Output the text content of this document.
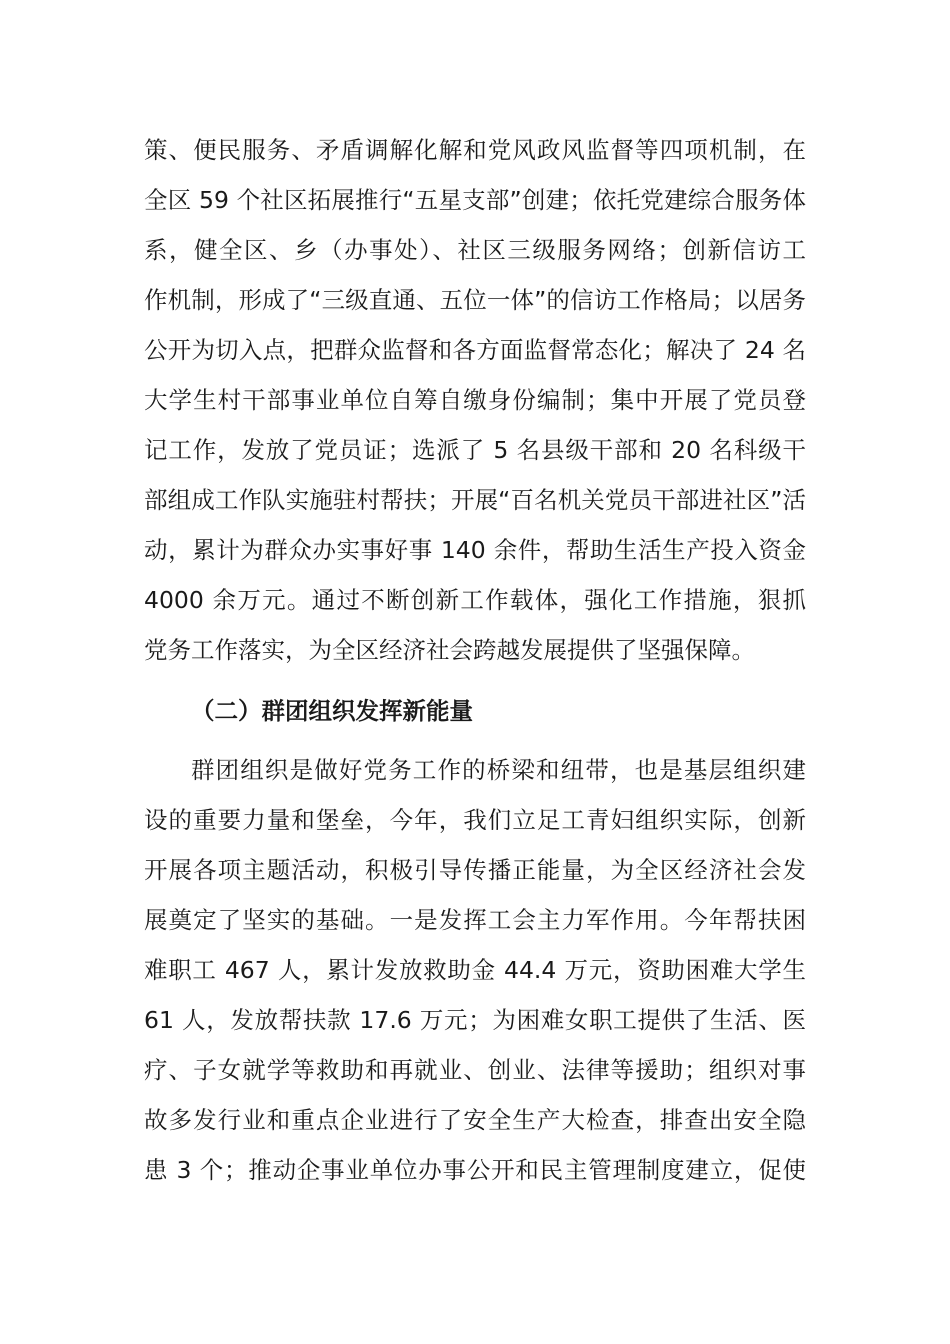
策、便民服务、矛盾调解化解和党风政风监督等四项机制，在
全区 59 个社区拓展推行“五星支部”创建；依托党建综合服务体
系，健全区、乡（办事处）、社区三级服务网络；创新信访工
作机制，形成了“三级直通、五位一体”的信访工作格局；以居务
公开为切入点，把群众监督和各方面监督常态化；解决了 24 名
大学生村干部事业单位自筹自缴身份编制；集中开展了党员登
记工作，发放了党员证；选派了 5 名县级干部和 20 名科级干
部组成工作队实施驻村帮扶；开展“百名机关党员干部进社区”活
动，累计为群众办实事好事 140 余件，帮助生活生产投入资金
4000 余万元。通过不断创新工作载体，强化工作措施，狠抓
党务工作落实，为全区经济社会跨越发展提供了坚强保障。
（二）群团组织发挥新能量
群团组织是做好党务工作的桥梁和纽带，也是基层组织建
设的重要力量和堡垒，今年，我们立足工青妇组织实际，创新
开展各项主题活动，积极引导传播正能量，为全区经济社会发
展奠定了坚实的基础。一是发挥工会主力军作用。今年帮扶困
难职工 467 人，累计发放救助金 44.4 万元，资助困难大学生
61 人，发放帮扶款 17.6 万元；为困难女职工提供了生活、医
疗、子女就学等救助和再就业、创业、法律等援助；组织对事
故多发行业和重点企业进行了安全生产大检查，排查出安全隐
患 3 个；推动企事业单位办事公开和民主管理制度建立，促使
